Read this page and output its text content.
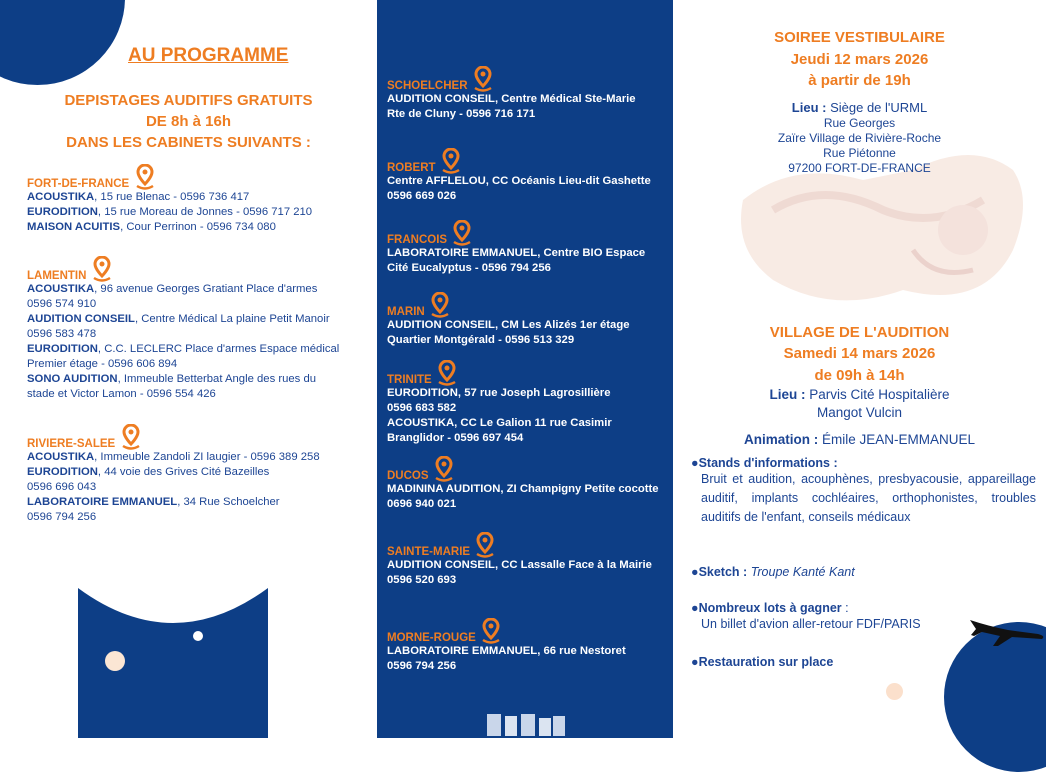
AU PROGRAMME
DEPISTAGES AUDITIFS GRATUITS
DE 8h à 16h
DANS LES CABINETS SUIVANTS :
FORT-DE-FRANCE
ACOUSTIKA, 15 rue Blenac - 0596 736 417
EURODITION, 15 rue Moreau de Jonnes - 0596 717 210
MAISON ACUITIS, Cour Perrinon - 0596 734 080
LAMENTIN
ACOUSTIKA, 96 avenue Georges Gratiant Place d'armes
0596 574 910
AUDITION CONSEIL, Centre Médical La plaine Petit Manoir
0596 583 478
EURODITION, C.C. LECLERC Place d'armes Espace médical
Premier étage - 0596 606 894
SONO AUDITION, Immeuble Betterbat Angle des rues du
stade et Victor Lamon - 0596 554 426
RIVIERE-SALEE
ACOUSTIKA, Immeuble Zandoli ZI laugier - 0596 389 258
EURODITION, 44 voie des Grives Cité Bazeilles
0596 696 043
LABORATOIRE EMMANUEL, 34 Rue Schoelcher
0596 794 256
SCHOELCHER
AUDITION CONSEIL, Centre Médical Ste-Marie
Rte de Cluny - 0596 716 171
ROBERT
Centre AFFLELOU, CC Océanis Lieu-dit Gashette
0596 669 026
FRANCOIS
LABORATOIRE EMMANUEL, Centre BIO Espace
Cité Eucalyptus - 0596 794 256
MARIN
AUDITION CONSEIL, CM Les Alizés 1er étage
Quartier Montgérald - 0596 513 329
TRINITE
EURODITION, 57 rue Joseph Lagrosillière
0596 683 582
ACOUSTIKA, CC Le Galion 11 rue Casimir
Branglidor - 0596 697 454
DUCOS
MADININA AUDITION, ZI Champigny Petite cocotte
0696 940 021
SAINTE-MARIE
AUDITION CONSEIL, CC Lassalle Face à la Mairie
0596 520 693
MORNE-ROUGE
LABORATOIRE EMMANUEL, 66 rue Nestoret
0596 794 256
SOIREE VESTIBULAIRE
Jeudi 12 mars 2026
à partir de 19h
Lieu : Siège de l'URML
Rue Georges
Zaïre Village de Rivière-Roche
Rue Piétonne
97200 FORT-DE-FRANCE
VILLAGE DE L'AUDITION
Samedi 14 mars 2026
de 09h à 14h
Lieu : Parvis Cité Hospitalière
Mangot Vulcin
Animation : Émile JEAN-EMMANUEL
●Stands d'informations :
Bruit et audition, acouphènes, presbyacousie, appareillage auditif, implants cochléaires, orthophonistes, troubles auditifs de l'enfant, conseils médicaux
●Sketch : Troupe Kanté Kant
●Nombreux lots à gagner :
Un billet d'avion aller-retour FDF/PARIS
●Restauration sur place
